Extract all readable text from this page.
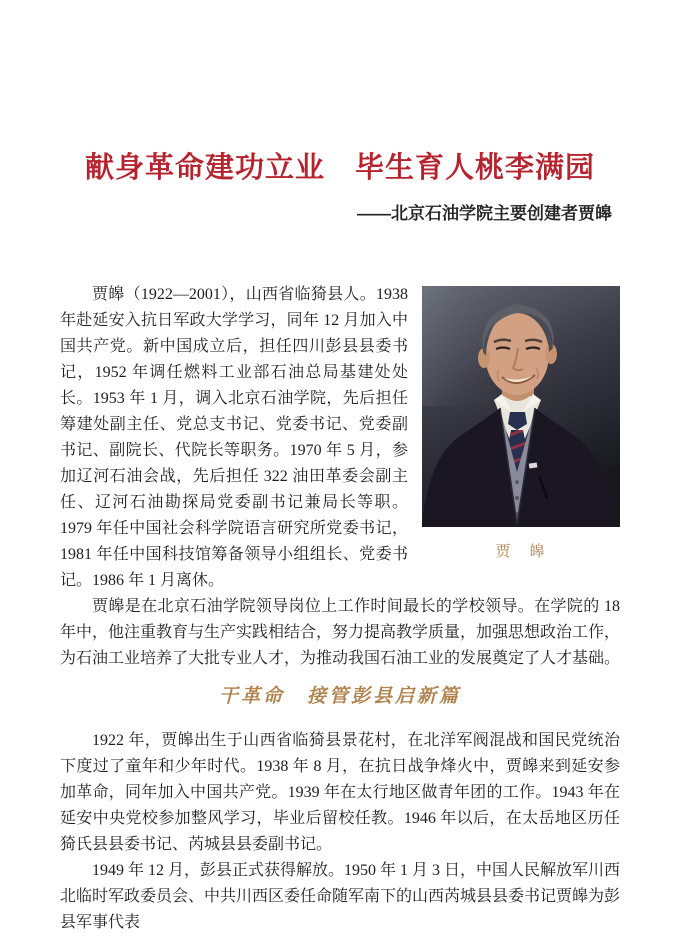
献身革命建功立业　毕生育人桃李满园

——北京石油学院主要创建者贾皞

贾　皞

贾皞（1922—2001），山西省临猗县人。1938 年赴延安入抗日军政大学学习，同年 12 月加入中国共产党。新中国成立后，担任四川彭县县委书记，1952 年调任燃料工业部石油总局基建处处长。1953 年 1 月，调入北京石油学院，先后担任筹建处副主任、党总支书记、党委书记、党委副书记、副院长、代院长等职务。1970 年 5 月，参加辽河石油会战，先后担任 322 油田革委会副主任、辽河石油勘探局党委副书记兼局长等职。1979 年任中国社会科学院语言研究所党委书记，1981 年任中国科技馆筹备领导小组组长、党委书记。1986 年 1 月离休。

贾皞是在北京石油学院领导岗位上工作时间最长的学校领导。在学院的 18 年中，他注重教育与生产实践相结合，努力提高教学质量，加强思想政治工作，为石油工业培养了大批专业人才，为推动我国石油工业的发展奠定了人才基础。

干革命　接管彭县启新篇

1922 年，贾皞出生于山西省临猗县景花村，在北洋军阀混战和国民党统治下度过了童年和少年时代。1938 年 8 月，在抗日战争烽火中，贾皞来到延安参加革命，同年加入中国共产党。1939 年在太行地区做青年团的工作。1943 年在延安中央党校参加整风学习，毕业后留校任教。1946 年以后，在太岳地区历任猗氏县县委书记、芮城县县委副书记。

1949 年 12 月，彭县正式获得解放。1950 年 1 月 3 日，中国人民解放军川西北临时军政委员会、中共川西区委任命随军南下的山西芮城县县委书记贾皞为彭县军事代表
